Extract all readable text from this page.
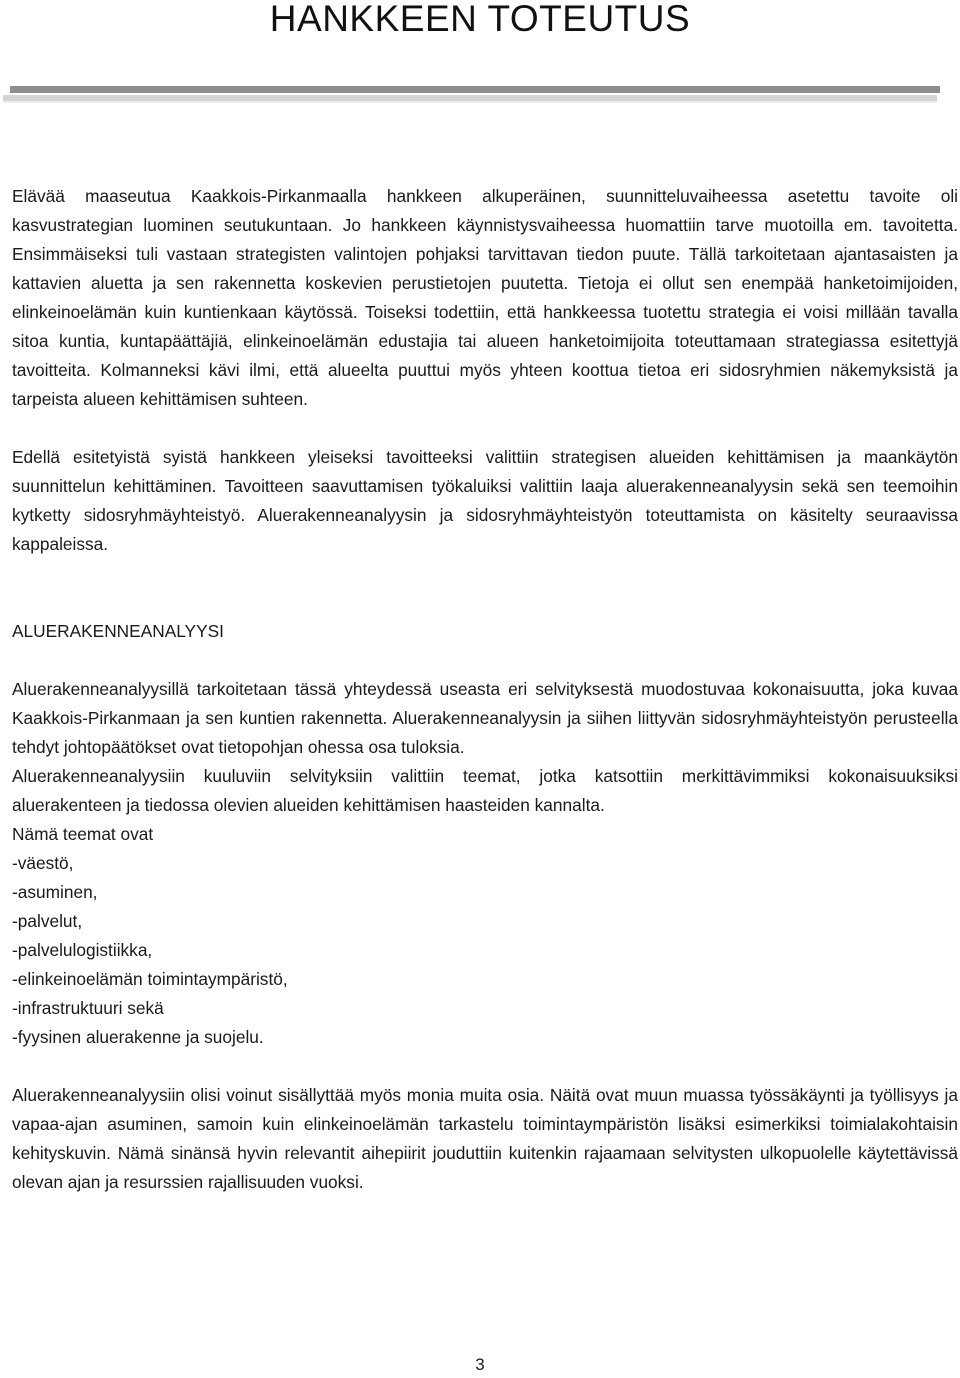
HANKKEEN TOTEUTUS

Elävää maaseutua Kaakkois-Pirkanmaalla hankkeen alkuperäinen, suunnitteluvaiheessa asetettu tavoite oli kasvustrategian luominen seutukuntaan. Jo hankkeen käynnistysvaiheessa huomattiin tarve muotoilla em. tavoitetta. Ensimmäiseksi tuli vastaan strategisten valintojen pohjaksi tarvittavan tiedon puute. Tällä tarkoitetaan ajantasaisten ja kattavien aluetta ja sen rakennetta koskevien perustietojen puutetta. Tietoja ei ollut sen enempää hanketoimijoiden, elinkeinoelämän kuin kuntienkaan käytössä. Toiseksi todettiin, että hankkeessa tuotettu strategia ei voisi millään tavalla sitoa kuntia, kuntapäättäjiä, elinkeinoelämän edustajia tai alueen hanketoimijoita toteuttamaan strategiassa esitettyjä tavoitteita. Kolmanneksi kävi ilmi, että alueelta puuttui myös yhteen koottua tietoa eri sidosryhmien näkemyksistä ja tarpeista alueen kehittämisen suhteen.

Edellä esitetyistä syistä hankkeen yleiseksi tavoitteeksi valittiin strategisen alueiden kehittämisen ja maankäytön suunnittelun kehittäminen. Tavoitteen saavuttamisen työkaluiksi valittiin laaja aluerakenneanalyysin sekä sen teemoihin kytketty sidosryhmäyhteistyö. Aluerakenneanalyysin ja sidosryhmäyhteistyön toteuttamista on käsitelty seuraavissa kappaleissa.

ALUERAKENNEANALYYSI

Aluerakenneanalyysillä tarkoitetaan tässä yhteydessä useasta eri selvityksestä muodostuvaa kokonaisuutta, joka kuvaa Kaakkois-Pirkanmaan ja sen kuntien rakennetta. Aluerakenneanalyysin ja siihen liittyvän sidosryhmäyhteistyön perusteella tehdyt johtopäätökset ovat tietopohjan ohessa osa tuloksia.

Aluerakenneanalyysiin kuuluviin selvityksiin valittiin teemat, jotka katsottiin merkittävimmiksi kokonaisuuksiksi aluerakenteen ja tiedossa olevien alueiden kehittämisen haasteiden kannalta.

Nämä teemat ovat

-väestö,
-asuminen,
-palvelut,
-palvelulogistiikka,
-elinkeinoelämän toimintaympäristö,
-infrastruktuuri sekä
-fyysinen aluerakenne ja suojelu.

Aluerakenneanalyysiin olisi voinut sisällyttää myös monia muita osia. Näitä ovat muun muassa työssäkäynti ja työllisyys ja vapaa-ajan asuminen, samoin kuin elinkeinoelämän tarkastelu toimintaympäristön lisäksi esimerkiksi toimialakohtaisin kehityskuvin. Nämä sinänsä hyvin relevantit aihepiirit jouduttiin kuitenkin rajaamaan selvitysten ulkopuolelle käytettävissä olevan ajan ja resurssien rajallisuuden vuoksi.

3
